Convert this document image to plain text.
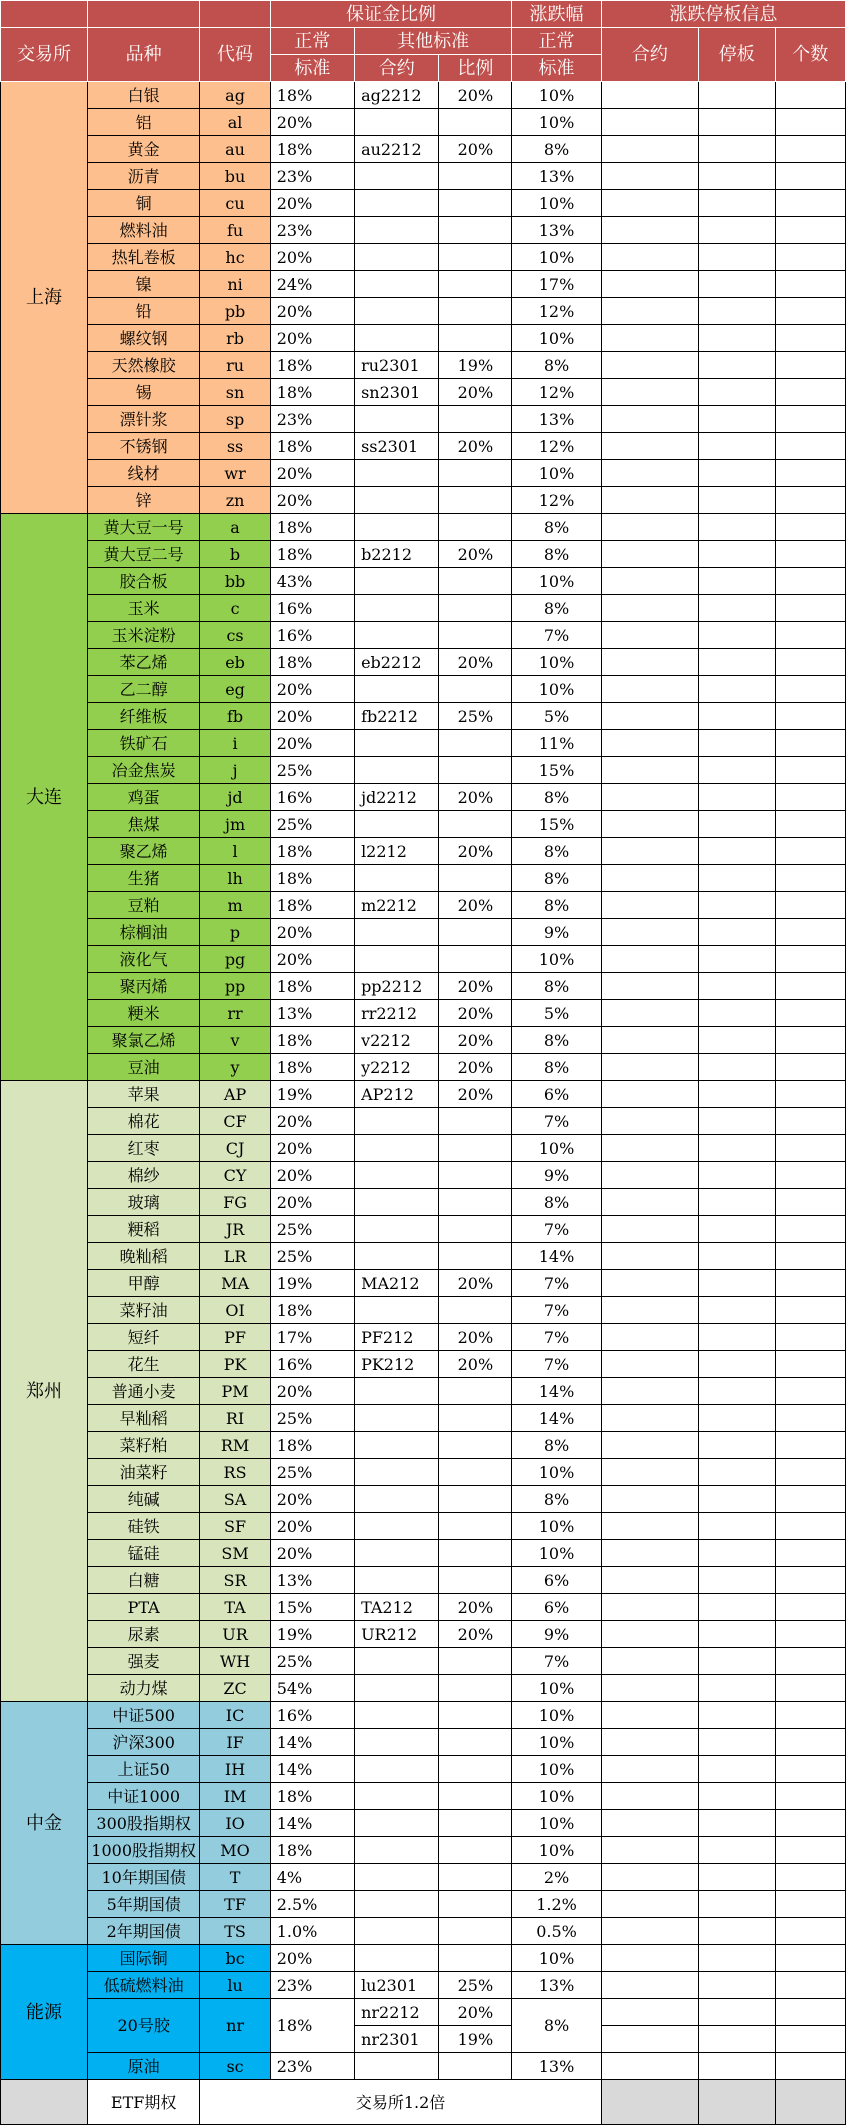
			保证金比例			涨跌幅	涨跌停板信息		
交易所	品种	代码	正常	其他标准		正常	合约	停板	个数
			标准	合约	比例	标准			
上海	白银	ag	18%	ag2212	20%	10%			
	铝	al	20%			10%			
	黄金	au	18%	au2212	20%	8%			
	沥青	bu	23%			13%			
	铜	cu	20%			10%			
	燃料油	fu	23%			13%			
	热轧卷板	hc	20%			10%			
	镍	ni	24%			17%			
	铅	pb	20%			12%			
	螺纹钢	rb	20%			10%			
	天然橡胶	ru	18%	ru2301	19%	8%			
	锡	sn	18%	sn2301	20%	12%			
	漂针浆	sp	23%			13%			
	不锈钢	ss	18%	ss2301	20%	12%			
	线材	wr	20%			10%			
	锌	zn	20%			12%			
大连	黄大豆一号	a	18%			8%			
	黄大豆二号	b	18%	b2212	20%	8%			
	胶合板	bb	43%			10%			
	玉米	c	16%			8%			
	玉米淀粉	cs	16%			7%			
	苯乙烯	eb	18%	eb2212	20%	10%			
	乙二醇	eg	20%			10%			
	纤维板	fb	20%	fb2212	25%	5%			
	铁矿石	i	20%			11%			
	冶金焦炭	j	25%			15%			
	鸡蛋	jd	16%	jd2212	20%	8%			
	焦煤	jm	25%			15%			
	聚乙烯	l	18%	l2212	20%	8%			
	生猪	lh	18%			8%			
	豆粕	m	18%	m2212	20%	8%			
	棕榈油	p	20%			9%			
	液化气	pg	20%			10%			
	聚丙烯	pp	18%	pp2212	20%	8%			
	粳米	rr	13%	rr2212	20%	5%			
	聚氯乙烯	v	18%	v2212	20%	8%			
	豆油	y	18%	y2212	20%	8%			
郑州	苹果	AP	19%	AP212	20%	6%			
	棉花	CF	20%			7%			
	红枣	CJ	20%			10%			
	棉纱	CY	20%			9%			
	玻璃	FG	20%			8%			
	粳稻	JR	25%			7%			
	晚籼稻	LR	25%			14%			
	甲醇	MA	19%	MA212	20%	7%			
	菜籽油	OI	18%			7%			
	短纤	PF	17%	PF212	20%	7%			
	花生	PK	16%	PK212	20%	7%			
	普通小麦	PM	20%			14%			
	早籼稻	RI	25%			14%			
	菜籽粕	RM	18%			8%			
	油菜籽	RS	25%			10%			
	纯碱	SA	20%			8%			
	硅铁	SF	20%			10%			
	锰硅	SM	20%			10%			
	白糖	SR	13%			6%			
	PTA	TA	15%	TA212	20%	6%			
	尿素	UR	19%	UR212	20%	9%			
	强麦	WH	25%			7%			
	动力煤	ZC	54%			10%			
中金	中证500	IC	16%			10%			
	沪深300	IF	14%			10%			
	上证50	IH	14%			10%			
	中证1000	IM	18%			10%			
	300股指期权	IO	14%			10%			
	1000股指期权	MO	18%			10%			
	10年期国债	T	4%			2%			
	5年期国债	TF	2.5%			1.2%			
	2年期国债	TS	1.0%			0.5%			
能源	国际铜	bc	20%			10%			
	低硫燃料油	lu	23%	lu2301	25%	13%			
	20号胶	nr	18%	nr2212	20%	8%			
				nr2301	19%				
	原油	sc	23%			13%			
	ETF期权	交易所1.2倍							
